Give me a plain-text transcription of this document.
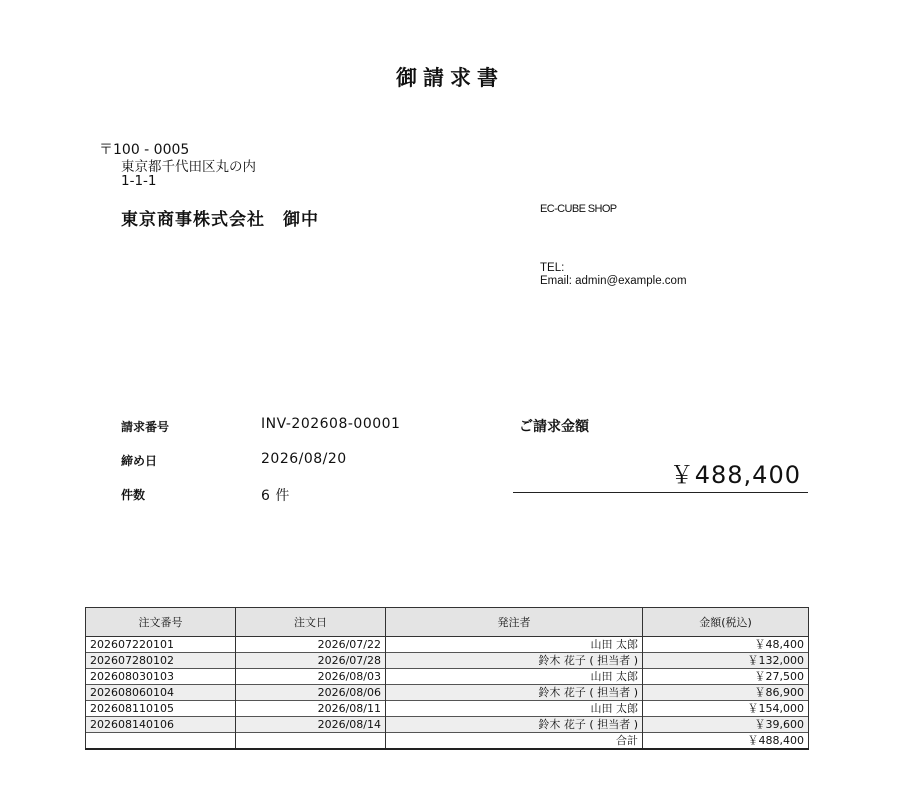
御請求書
〒100 - 0005
東京都千代田区丸の内
1-1-1
東京商事株式会社　御中
EC-CUBE SHOP
TEL:
Email: admin@example.com
請求番号	INV-202608-00001
締め日	2026/08/20
件数	6 件
ご請求金額
￥488,400
注文番号	注文日	発注者	金額(税込)
202607220101	2026/07/22	山田 太郎	￥48,400
202607280102	2026/07/28	鈴木 花子 ( 担当者 )	￥132,000
202608030103	2026/08/03	山田 太郎	￥27,500
202608060104	2026/08/06	鈴木 花子 ( 担当者 )	￥86,900
202608110105	2026/08/11	山田 太郎	￥154,000
202608140106	2026/08/14	鈴木 花子 ( 担当者 )	￥39,600
		合計	￥488,400
